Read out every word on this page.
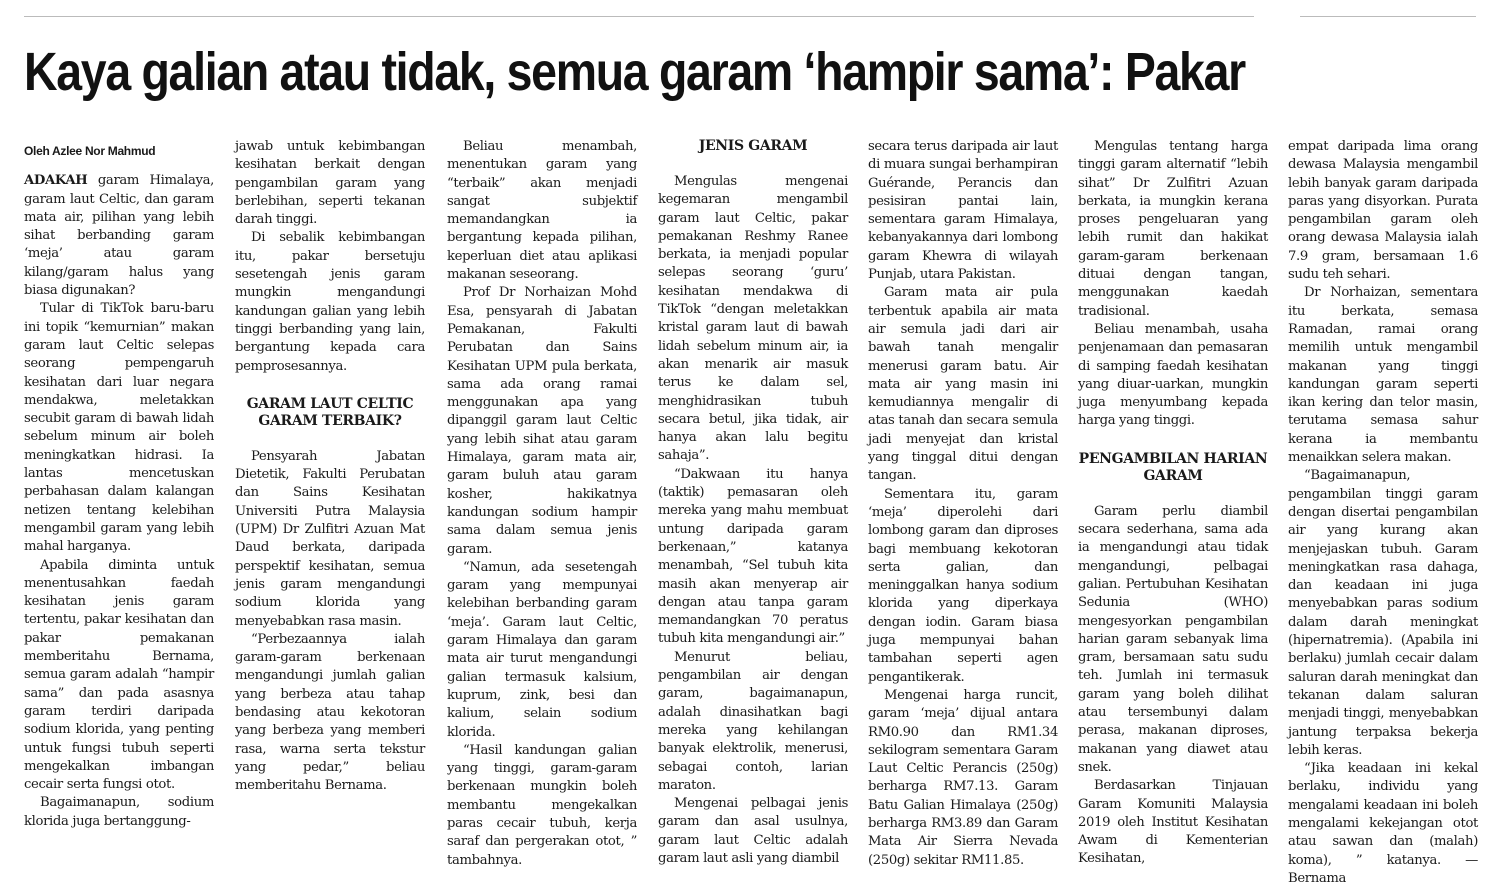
Kaya galian atau tidak, semua garam ‘hampir sama’: Pakar
Oleh Azlee Nor Mahmud

ADAKAH garam Himalaya, garam laut Celtic, dan garam mata air, pilihan yang lebih sihat berbanding garam ‘meja’ atau garam kilang/garam halus yang biasa digunakan?

Tular di TikTok baru-baru ini topik “kemurnian” makan garam laut Celtic selepas seorang pempengaruh kesihatan dari luar negara mendakwa, meletakkan secubit garam di bawah lidah sebelum minum air boleh meningkatkan hidrasi. Ia lantas mencetuskan perbahasan dalam kalangan netizen tentang kelebihan mengambil garam yang lebih mahal harganya.

Apabila diminta untuk menentusahkan faedah kesihatan jenis garam tertentu, pakar kesihatan dan pakar pemakanan memberitahu Bernama, semua garam adalah “hampir sama” dan pada asasnya garam terdiri daripada sodium klorida, yang penting untuk fungsi tubuh seperti mengekalkan imbangan cecair serta fungsi otot.

Bagaimanapun, sodium klorida juga bertanggung-

jawab untuk kebimbangan kesihatan berkait dengan pengambilan garam yang berlebihan, seperti tekanan darah tinggi.

Di sebalik kebimbangan itu, pakar bersetuju sesetengah jenis garam mungkin mengandungi kandungan galian yang lebih tinggi berbanding yang lain, bergantung kepada cara pemprosesannya.

GARAM LAUT CELTIC GARAM TERBAIK?

Pensyarah Jabatan Dietetik, Fakulti Perubatan dan Sains Kesihatan Universiti Putra Malaysia (UPM) Dr Zulfitri Azuan Mat Daud berkata, daripada perspektif kesihatan, semua jenis garam mengandungi sodium klorida yang menyebabkan rasa masin.

“Perbezaannya ialah garam-garam berkenaan mengandungi jumlah galian yang berbeza atau tahap bendasing atau kekotoran yang berbeza yang memberi rasa, warna serta tekstur yang pedar,” beliau memberitahu Bernama.

Beliau menambah, menentukan garam yang “terbaik” akan menjadi sangat subjektif memandangkan ia bergantung kepada pilihan, keperluan diet atau aplikasi makanan seseorang.

Prof Dr Norhaizan Mohd Esa, pensyarah di Jabatan Pemakanan, Fakulti Perubatan dan Sains Kesihatan UPM pula berkata, sama ada orang ramai menggunakan apa yang dipanggil garam laut Celtic yang lebih sihat atau garam Himalaya, garam mata air, garam buluh atau garam kosher, hakikatnya kandungan sodium hampir sama dalam semua jenis garam.

“Namun, ada sesetengah garam yang mempunyai kelebihan berbanding garam ‘meja’. Garam laut Celtic, garam Himalaya dan garam mata air turut mengandungi galian termasuk kalsium, kuprum, zink, besi dan kalium, selain sodium klorida.

“Hasil kandungan galian yang tinggi, garam-garam berkenaan mungkin boleh membantu mengekalkan paras cecair tubuh, kerja saraf dan pergerakan otot, ” tambahnya.

JENIS GARAM

Mengulas mengenai kegemaran mengambil garam laut Celtic, pakar pemakanan Reshmy Ranee berkata, ia menjadi popular selepas seorang ‘guru’ kesihatan mendakwa di TikTok “dengan meletakkan kristal garam laut di bawah lidah sebelum minum air, ia akan menarik air masuk terus ke dalam sel, menghidrasikan tubuh secara betul, jika tidak, air hanya akan lalu begitu sahaja”.

“Dakwaan itu hanya (taktik) pemasaran oleh mereka yang mahu membuat untung daripada garam berkenaan,” katanya menambah, “Sel tubuh kita masih akan menyerap air dengan atau tanpa garam memandangkan 70 peratus tubuh kita mengandungi air.”

Menurut beliau, pengambilan air dengan garam, bagaimanapun, adalah dinasihatkan bagi mereka yang kehilangan banyak elektrolik, menerusi, sebagai contoh, larian maraton.

Mengenai pelbagai jenis garam dan asal usulnya, garam laut Celtic adalah garam laut asli yang diambil

secara terus daripada air laut di muara sungai berhampiran Guérande, Perancis dan pesisiran pantai lain, sementara garam Himalaya, kebanyakannya dari lombong garam Khewra di wilayah Punjab, utara Pakistan.

Garam mata air pula terbentuk apabila air mata air semula jadi dari air bawah tanah mengalir menerusi garam batu. Air mata air yang masin ini kemudiannya mengalir di atas tanah dan secara semula jadi menyejat dan kristal yang tinggal ditui dengan tangan.

Sementara itu, garam ‘meja’ diperolehi dari lombong garam dan diproses bagi membuang kekotoran serta galian, dan meninggalkan hanya sodium klorida yang diperkaya dengan iodin. Garam biasa juga mempunyai bahan tambahan seperti agen pengantikerak.

Mengenai harga runcit, garam ‘meja’ dijual antara RM0.90 dan RM1.34 sekilogram sementara Garam Laut Celtic Perancis (250g) berharga RM7.13. Garam Batu Galian Himalaya (250g) berharga RM3.89 dan Garam Mata Air Sierra Nevada (250g) sekitar RM11.85.

Mengulas tentang harga tinggi garam alternatif “lebih sihat” Dr Zulfitri Azuan berkata, ia mungkin kerana proses pengeluaran yang lebih rumit dan hakikat garam-garam berkenaan dituai dengan tangan, menggunakan kaedah tradisional.

Beliau menambah, usaha penjenamaan dan pemasaran di samping faedah kesihatan yang diuar-uarkan, mungkin juga menyumbang kepada harga yang tinggi.

PENGAMBILAN HARIAN GARAM

Garam perlu diambil secara sederhana, sama ada ia mengandungi atau tidak mengandungi, pelbagai galian. Pertubuhan Kesihatan Sedunia (WHO) mengesyorkan pengambilan harian garam sebanyak lima gram, bersamaan satu sudu teh. Jumlah ini termasuk garam yang boleh dilihat atau tersembunyi dalam perasa, makanan diproses, makanan yang diawet atau snek.

Berdasarkan Tinjauan Garam Komuniti Malaysia 2019 oleh Institut Kesihatan Awam di Kementerian Kesihatan,

empat daripada lima orang dewasa Malaysia mengambil lebih banyak garam daripada paras yang disyorkan. Purata pengambilan garam oleh orang dewasa Malaysia ialah 7.9 gram, bersamaan 1.6 sudu teh sehari.

Dr Norhaizan, sementara itu berkata, semasa Ramadan, ramai orang memilih untuk mengambil makanan yang tinggi kandungan garam seperti ikan kering dan telor masin, terutama semasa sahur kerana ia membantu menaikkan selera makan.

“Bagaimanapun, pengambilan tinggi garam dengan disertai pengambilan air yang kurang akan menjejaskan tubuh. Garam meningkatkan rasa dahaga, dan keadaan ini juga menyebabkan paras sodium dalam darah meningkat (hipernatremia). (Apabila ini berlaku) jumlah cecair dalam saluran darah meningkat dan tekanan dalam saluran menjadi tinggi, menyebabkan jantung terpaksa bekerja lebih keras.

“Jika keadaan ini kekal berlaku, individu yang mengalami keadaan ini boleh mengalami kekejangan otot atau sawan dan (malah) koma), ” katanya. — Bernama
